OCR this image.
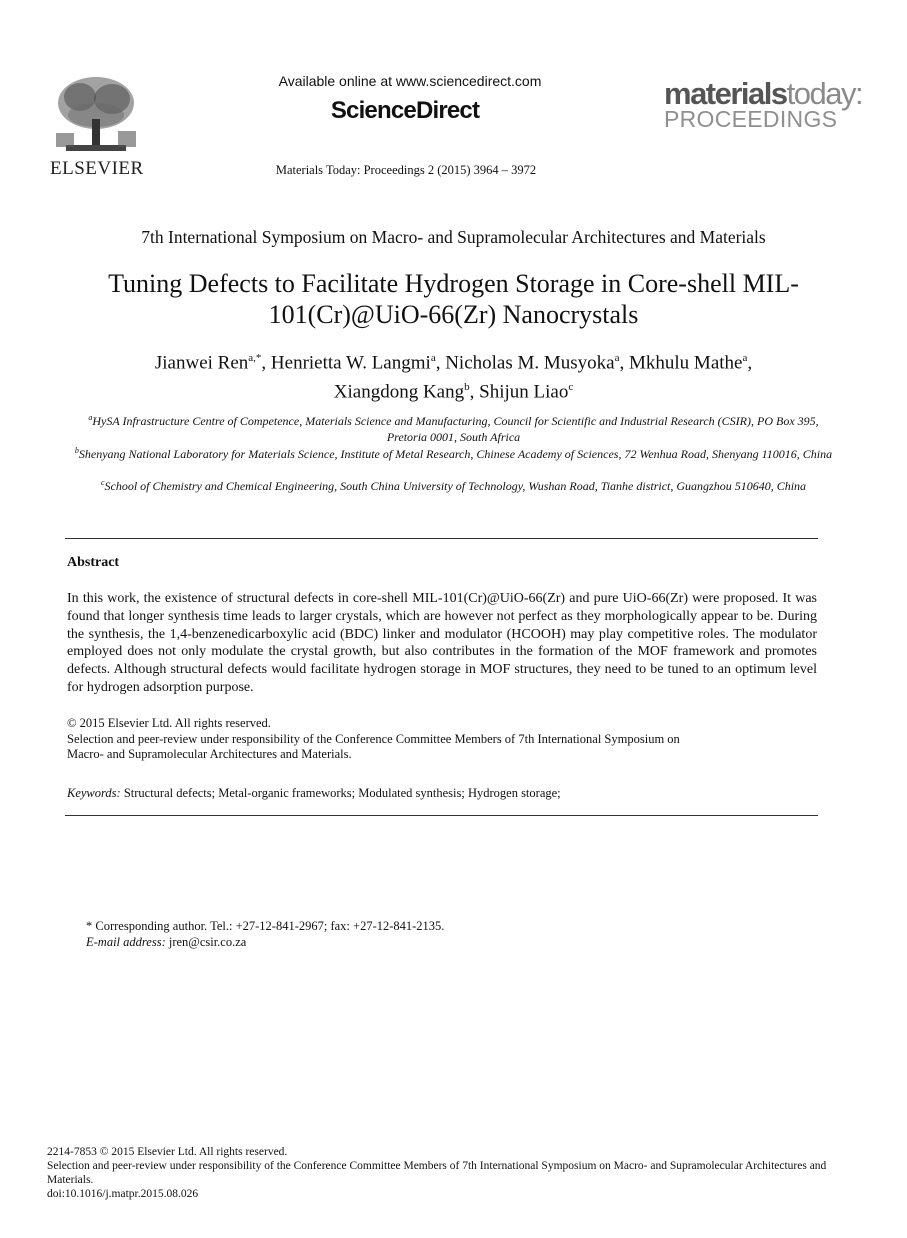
ELSEVIER
Available online at www.sciencedirect.com
ScienceDirect
Materials Today: Proceedings 2 (2015) 3964 – 3972
materialstoday:
PROCEEDINGS
7th International Symposium on Macro- and Supramolecular Architectures and Materials
Tuning Defects to Facilitate Hydrogen Storage in Core-shell MIL-101(Cr)@UiO-66(Zr) Nanocrystals
Jianwei Ren$^{a,*}$, Henrietta W. Langmi$^a$, Nicholas M. Musyoka$^a$, Mkhulu Mathe$^a$,
Xiangdong Kang$^b$, Shijun Liao$^c$
$^a$HySA Infrastructure Centre of Competence, Materials Science and Manufacturing, Council for Scientific and Industrial Research (CSIR), PO Box 395, Pretoria 0001, South Africa
$^b$Shenyang National Laboratory for Materials Science, Institute of Metal Research, Chinese Academy of Sciences, 72 Wenhua Road, Shenyang 110016, China
$^c$School of Chemistry and Chemical Engineering, South China University of Technology, Wushan Road, Tianhe district, Guangzhou 510640, China
Abstract
In this work, the existence of structural defects in core-shell MIL-101(Cr)@UiO-66(Zr) and pure UiO-66(Zr) were proposed. It was found that longer synthesis time leads to larger crystals, which are however not perfect as they morphologically appear to be. During the synthesis, the 1,4-benzenedicarboxylic acid (BDC) linker and modulator (HCOOH) may play competitive roles. The modulator employed does not only modulate the crystal growth, but also contributes in the formation of the MOF framework and promotes defects. Although structural defects would facilitate hydrogen storage in MOF structures, they need to be tuned to an optimum level for hydrogen adsorption purpose.
© 2015 Elsevier Ltd. All rights reserved.
Selection and peer-review under responsibility of the Conference Committee Members of 7th International Symposium on
Macro- and Supramolecular Architectures and Materials.
Keywords: Structural defects; Metal-organic frameworks; Modulated synthesis; Hydrogen storage;
* Corresponding author. Tel.: +27-12-841-2967; fax: +27-12-841-2135.
E-mail address: jren@csir.co.za
2214-7853 © 2015 Elsevier Ltd. All rights reserved.
Selection and peer-review under responsibility of the Conference Committee Members of 7th International Symposium on Macro- and Supramolecular Architectures and Materials.
doi:10.1016/j.matpr.2015.08.026
